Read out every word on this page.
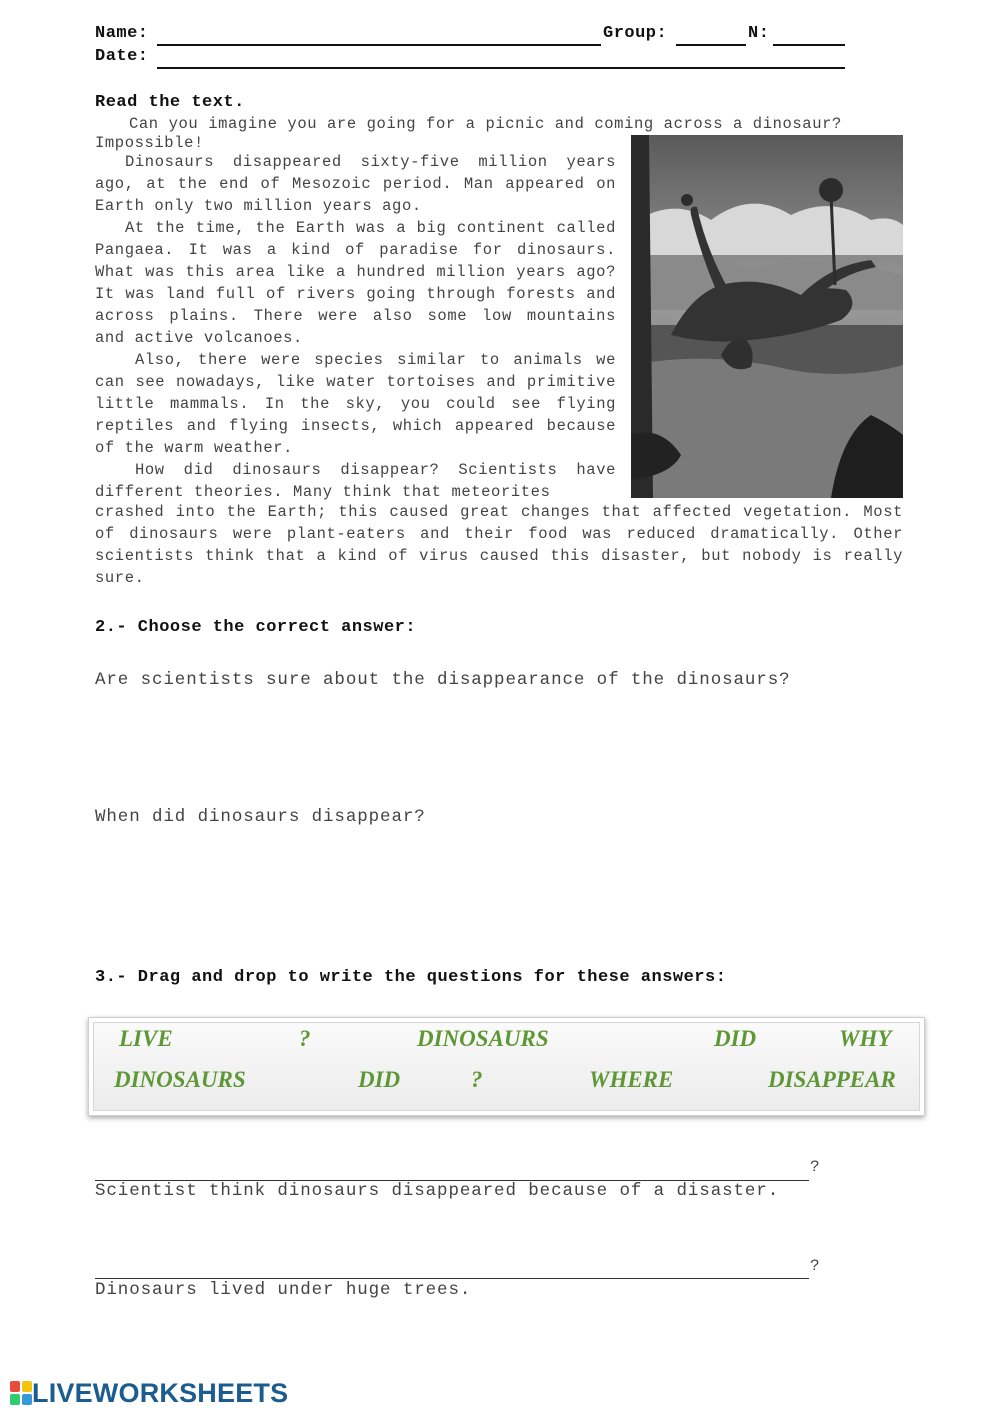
Name:	Group:	N:
Date:
Read the text.
Can you imagine you are going for a picnic and coming across a dinosaur?
Impossible!

Dinosaurs disappeared sixty-five million years ago, at the end of Mesozoic period. Man appeared on Earth only two million years ago.

At the time, the Earth was a big continent called Pangaea. It was a kind of paradise for dinosaurs. What was this area like a hundred million years ago? It was land full of rivers going through forests and across plains. There were also some low mountains and active volcanoes.

Also, there were species similar to animals we can see nowadays, like water tortoises and primitive little mammals. In the sky, you could see flying reptiles and flying insects, which appeared because of the warm weather.

How did dinosaurs disappear? Scientists have different theories. Many think that meteorites

crashed into the Earth; this caused great changes that affected vegetation. Most of dinosaurs were plant-eaters and their food was reduced dramatically. Other scientists think that a kind of virus caused this disaster, but nobody is really sure.
2.- Choose the correct answer:
Are scientists sure about the disappearance of the dinosaurs?
When did dinosaurs disappear?
3.- Drag and drop to write the questions for these answers:
LIVE	?	DINOSAURS	DID	WHY
DINOSAURS	DID	?	WHERE	DISAPPEAR
?
Scientist think dinosaurs disappeared because of a disaster.
?
Dinosaurs lived under huge trees.
LIVEWORKSHEETS
